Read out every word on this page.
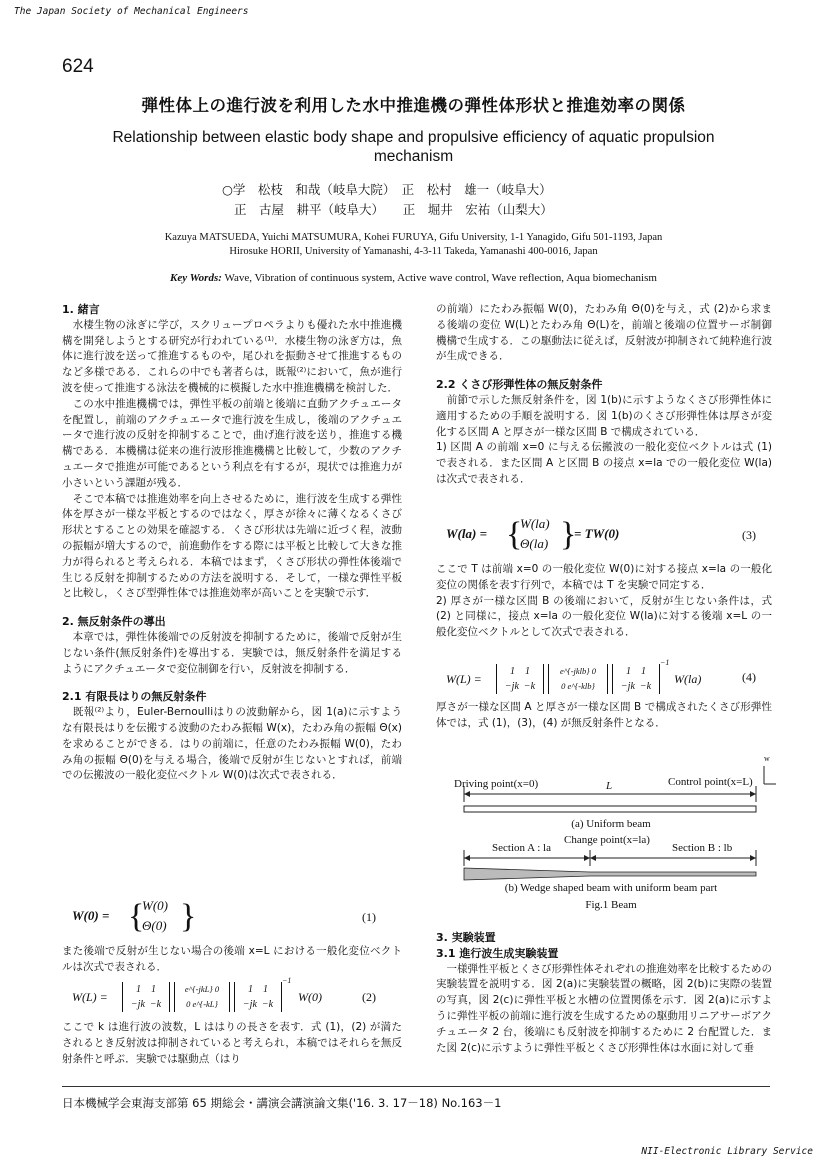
The Japan Society of Mechanical Engineers
624
弾性体上の進行波を利用した水中推進機の弾性体形状と推進効率の関係
Relationship between elastic body shape and propulsive efficiency of aquatic propulsion
mechanism
○学　松枝　和哉（岐阜大院）　正　松村　雄一（岐阜大）
正　古屋　耕平（岐阜大）　　正　堀井　宏祐（山梨大）
Kazuya MATSUEDA, Yuichi MATSUMURA, Kohei FURUYA, Gifu University, 1-1 Yanagido, Gifu 501-1193, Japan
Hirosuke HORII, University of Yamanashi, 4-3-11 Takeda, Yamanashi 400-0016, Japan
Key Words: Wave, Vibration of continuous system, Active wave control, Wave reflection, Aqua biomechanism

1. 緒言

　水棲生物の泳ぎに学び，スクリュープロペラよりも優れた水中推進機構を開発しようとする研究が行われている⁽¹⁾．水棲生物の泳ぎ方は，魚体に進行波を送って推進するものや，尾ひれを振動させて推進するものなど多様である．これらの中でも著者らは，既報⁽²⁾において，魚が進行波を使って推進する泳法を機械的に模擬した水中推進機構を検討した．

　この水中推進機構では，弾性平板の前端と後端に直動アクチュエータを配置し，前端のアクチュエータで進行波を生成し，後端のアクチュエータで進行波の反射を抑制することで，曲げ進行波を送り，推進する機構である．本機構は従来の進行波形推進機構と比較して，少数のアクチュエータで推進が可能であるという利点を有するが，現状では推進力が小さいという課題が残る．

　そこで本稿では推進効率を向上させるために，進行波を生成する弾性体を厚さが一様な平板とするのではなく，厚さが徐々に薄くなるくさび形状とすることの効果を確認する．くさび形状は先端に近づく程，波動の振幅が増大するので，前進動作をする際には平板と比較して大きな推力が得られると考えられる．本稿ではまず，くさび形状の弾性体後端で生じる反射を抑制するための方法を説明する．そして，一様な弾性平板と比較し，くさび型弾性体では推進効率が高いことを実験で示す．

2. 無反射条件の導出

　本章では，弾性体後端での反射波を抑制するために，後端で反射が生じない条件(無反射条件)を導出する．実験では，無反射条件を満足するようにアクチュエータで変位制御を行い，反射波を抑制する．

2.1 有限長はりの無反射条件

　既報⁽²⁾より，Euler-Bernoulliはりの波動解から，図 1(a)に示すような有限長はりを伝搬する波動のたわみ振幅 W(x)，たわみ角の振幅 Θ(x)を求めることができる．はりの前端に，任意のたわみ振幅 W(0)，たわみ角の振幅 Θ(0)を与える場合，後端で反射が生じないとすれば，前端での伝搬波の一般化変位ベクトル W(0)は次式で表される．

W(0) = {
W(0)
Θ(0) }	(1)

また後端で反射が生じない場合の後端 x=L における一般化変位ベクトルは次式で表される．

W(L) =
1 1
−jk −k
e^{-jkL} 0
0 e^{-kL}
1 1
−jk −k
−1
W(0)	(2)

ここで k は進行波の波数，L ははりの長さを表す．式 (1)，(2) が満たされるとき反射波は抑制されていると考えられ，本稿ではそれらを無反射条件と呼ぶ．実験では駆動点（はり

の前端）にたわみ振幅 W(0)，たわみ角 Θ(0)を与え，式 (2)から求まる後端の変位 W(L)とたわみ角 Θ(L)を，前端と後端の位置サーボ制御機構で生成する．この駆動法に従えば，反射波が抑制されて純粋進行波が生成できる．

2.2 くさび形弾性体の無反射条件

　前節で示した無反射条件を，図 1(b)に示すようなくさび形弾性体に適用するための手順を説明する．図 1(b)のくさび形弾性体は厚さが変化する区間 A と厚さが一様な区間 B で構成されている．

1) 区間 A の前端 x=0 に与える伝搬波の一般化変位ベクトルは式 (1) で表される．また区間 A と区間 B の接点 x=la での一般化変位 W(la)は次式で表される．

W(la) = {
W(la)
Θ(la) }
= TW(0)	(3)

ここで T は前端 x=0 の一般化変位 W(0)に対する接点 x=la の一般化変位の関係を表す行列で，本稿では T を実験で同定する．

2) 厚さが一様な区間 B の後端において，反射が生じない条件は，式 (2) と同様に，接点 x=la の一般化変位 W(la)に対する後端 x=L の一般化変位ベクトルとして次式で表される．

W(L) =
1 1
−jk −k
e^{-jklb} 0
0 e^{-klb}
1 1
−jk −k
−1
W(la)	(4)

厚さが一様な区間 A と厚さが一様な区間 B で構成されたくさび形弾性体では，式 (1)，(3)，(4) が無反射条件となる．

Driving point(x=0)	L	Control point(x=L)
w
(a) Uniform beam
Section A : la
Change point(x=la)
Section B : lb
(b) Wedge shaped beam with uniform beam part
Fig.1 Beam

3. 実験装置

3.1 進行波生成実験装置

　一様弾性平板とくさび形弾性体それぞれの推進効率を比較するための実験装置を説明する．図 2(a)に実験装置の概略，図 2(b)に実際の装置の写真，図 2(c)に弾性平板と水槽の位置関係を示す．図 2(a)に示すように弾性平板の前端に進行波を生成するための駆動用リニアサーボアクチュエータ 2 台，後端にも反射波を抑制するために 2 台配置した．また図 2(c)に示すように弾性平板とくさび形弾性体は水面に対して垂

日本機械学会東海支部第 65 期総会・講演会講演論文集('16. 3. 17－18) No.163－1
NII-Electronic Library Service
